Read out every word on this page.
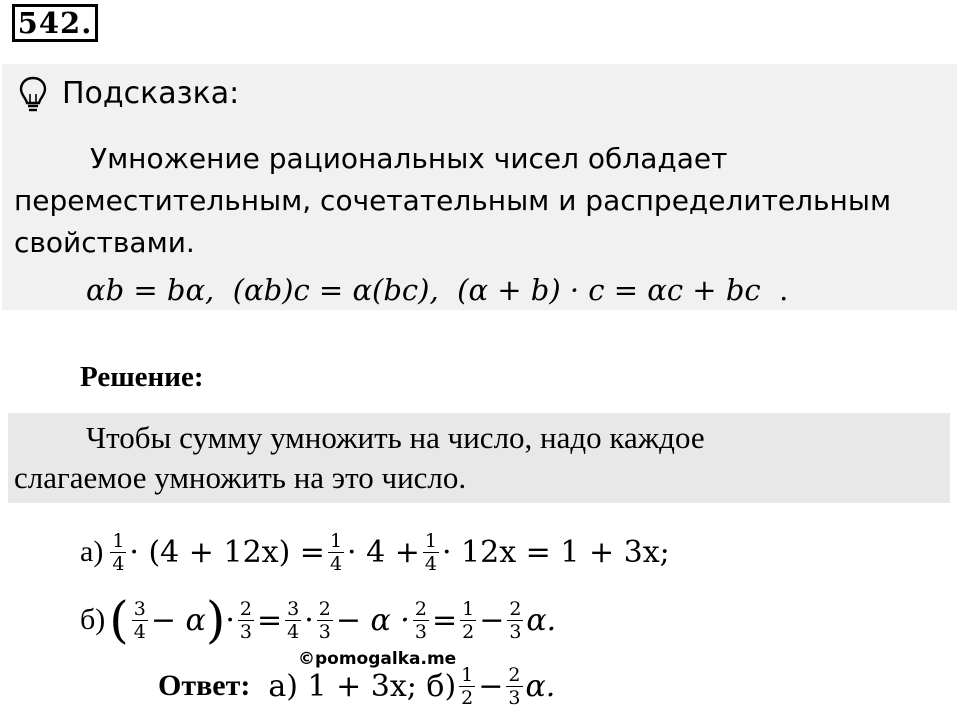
542.
Подсказка:
Умножение рациональных чисел обладает
переместительным, сочетательным и распределительным
свойствами.
αb = bα, (αb)c = α(bc), (α + b) · c = αc + bc .
Решение:
Чтобы сумму умножить на число, надо каждое
слагаемое умножить на это число.
$а) \frac{1}{4} \cdot (4 + 12x) = \frac{1}{4} \cdot 4 + \frac{1}{4} \cdot 12x = 1 + 3x$;
б) ( $\frac{3}{4} - \alpha$ ) · $\frac{2}{3} = \frac{3}{4} \cdot \frac{2}{3} - \alpha \cdot \frac{2}{3} = \frac{1}{2} - \frac{2}{3} \alpha$.
©pomogalka.me
Ответ: а) 1 + 3x; $б) \frac{1}{2} - \frac{2}{3} \alpha$.
